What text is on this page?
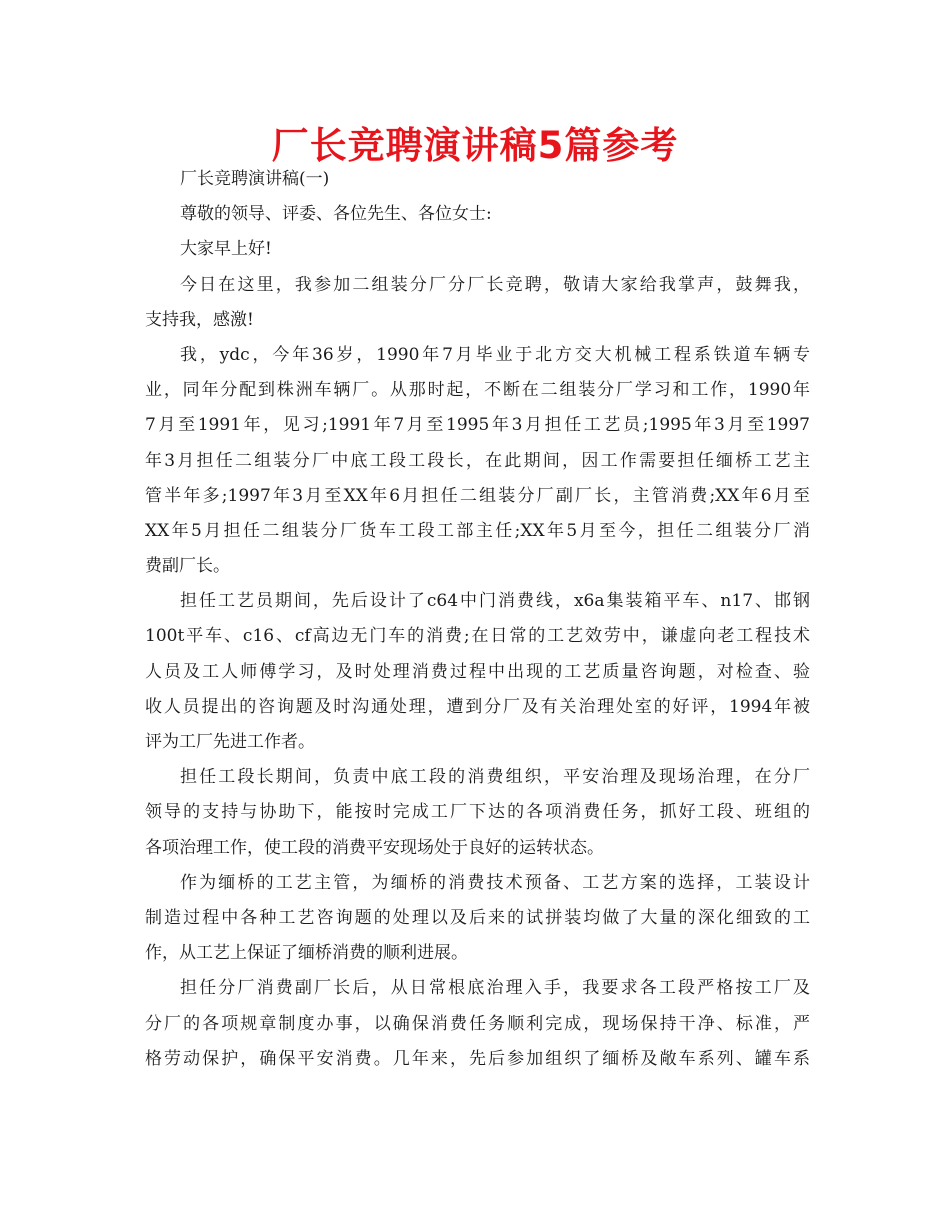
厂长竞聘演讲稿5篇参考
厂长竞聘演讲稿(一)
尊敬的领导、评委、各位先生、各位女士:
大家早上好!
今日在这里，我参加二组装分厂分厂长竞聘，敬请大家给我掌声，鼓舞我，
支持我，感激!
我，ydc，今年36岁，1990年7月毕业于北方交大机械工程系铁道车辆专
业，同年分配到株洲车辆厂。从那时起，不断在二组装分厂学习和工作，1990年
7月至1991年，见习;1991年7月至1995年3月担任工艺员;1995年3月至1997
年3月担任二组装分厂中底工段工段长，在此期间，因工作需要担任缅桥工艺主
管半年多;1997年3月至XX年6月担任二组装分厂副厂长，主管消费;XX年6月至
XX年5月担任二组装分厂货车工段工部主任;XX年5月至今，担任二组装分厂消
费副厂长。
担任工艺员期间，先后设计了c64中门消费线，x6a集装箱平车、n17、邯钢
100t平车、c16、cf高边无门车的消费;在日常的工艺效劳中，谦虚向老工程技术
人员及工人师傅学习，及时处理消费过程中出现的工艺质量咨询题，对检查、验
收人员提出的咨询题及时沟通处理，遭到分厂及有关治理处室的好评，1994年被
评为工厂先进工作者。
担任工段长期间，负责中底工段的消费组织，平安治理及现场治理，在分厂
领导的支持与协助下，能按时完成工厂下达的各项消费任务，抓好工段、班组的
各项治理工作，使工段的消费平安现场处于良好的运转状态。
作为缅桥的工艺主管，为缅桥的消费技术预备、工艺方案的选择，工装设计
制造过程中各种工艺咨询题的处理以及后来的试拼装均做了大量的深化细致的工
作，从工艺上保证了缅桥消费的顺利进展。
担任分厂消费副厂长后，从日常根底治理入手，我要求各工段严格按工厂及
分厂的各项规章制度办事，以确保消费任务顺利完成，现场保持干净、标准，严
格劳动保护，确保平安消费。几年来，先后参加组织了缅桥及敞车系列、罐车系
